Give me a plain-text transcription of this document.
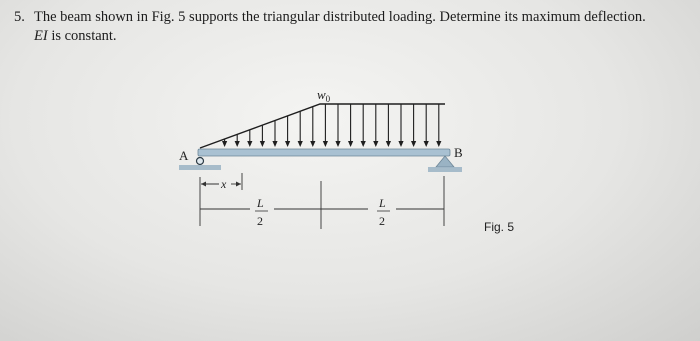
5. The beam shown in Fig. 5 supports the triangular distributed loading. Determine its maximum deflection.
EI is constant.
$w_0$
A	B
x
L
2
L
2	Fig. 5
